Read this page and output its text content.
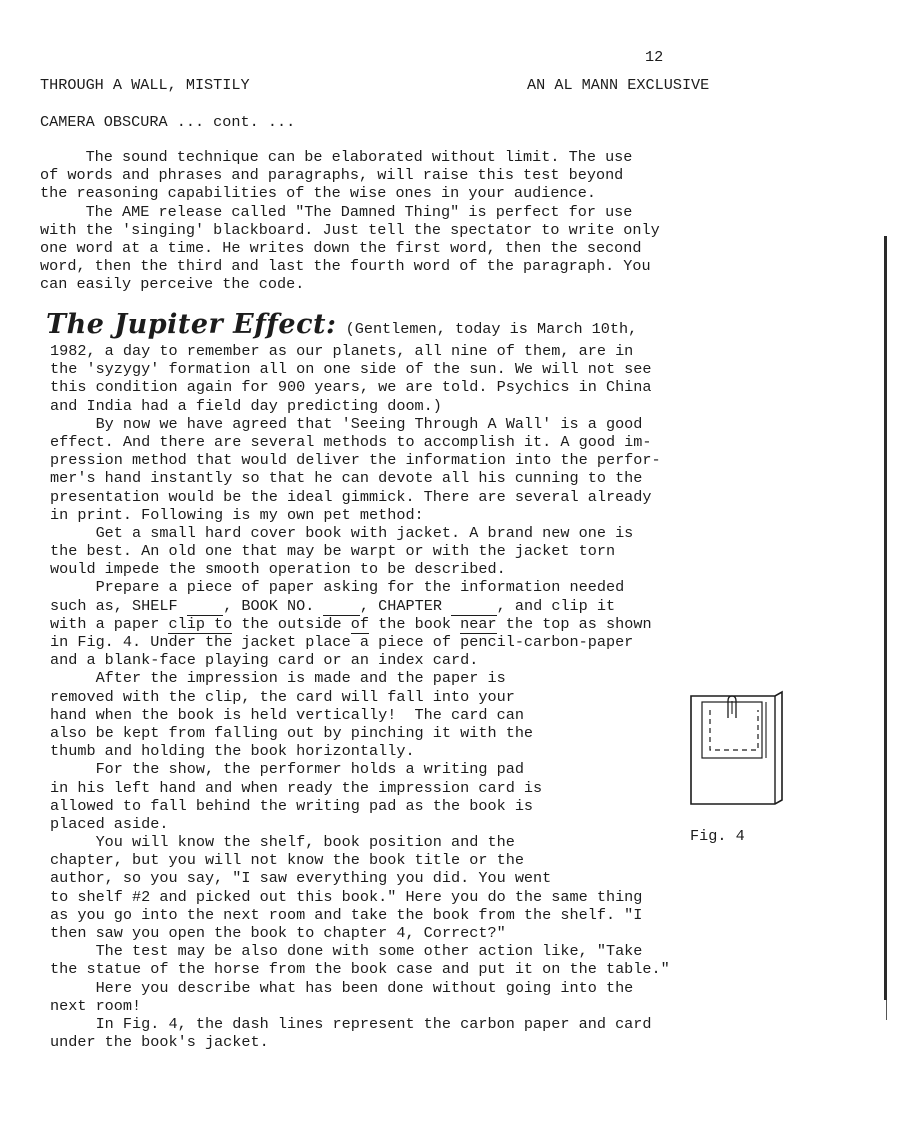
12
THROUGH A WALL, MISTILY	AN AL MANN EXCLUSIVE
CAMERA OBSCURA ... cont. ...
The sound technique can be elaborated without limit. The use
of words and phrases and paragraphs, will raise this test beyond
the reasoning capabilities of the wise ones in your audience.
The AME release called "The Damned Thing" is perfect for use
with the 'singing' blackboard. Just tell the spectator to write only
one word at a time. He writes down the first word, then the second
word, then the third and last the fourth word of the paragraph. You
can easily perceive the code.
The Jupiter Effect: (Gentlemen, today is March 10th,
1982, a day to remember as our planets, all nine of them, are in
the 'syzygy' formation all on one side of the sun. We will not see
this condition again for 900 years, we are told. Psychics in China
and India had a field day predicting doom.)
By now we have agreed that 'Seeing Through A Wall' is a good
effect. And there are several methods to accomplish it. A good im-
pression method that would deliver the information into the perfor-
mer's hand instantly so that he can devote all his cunning to the
presentation would be the ideal gimmick. There are several already
in print. Following is my own pet method:
Get a small hard cover book with jacket. A brand new one is
the best. An old one that may be warpt or with the jacket torn
would impede the smooth operation to be described.
Prepare a piece of paper asking for the information needed
such as, SHELF     , BOOK NO.     , CHAPTER	, and clip it
with a paper clip to the outside of the book near the top as shown
in Fig. 4. Under the jacket place a piece of pencil-carbon-paper
and a blank-face playing card or an index card.
After the impression is made and the paper is
removed with the clip, the card will fall into your
hand when the book is held vertically!  The card can
also be kept from falling out by pinching it with the
thumb and holding the book horizontally.
For the show, the performer holds a writing pad
in his left hand and when ready the impression card is
allowed to fall behind the writing pad as the book is
placed aside.
You will know the shelf, book position and the
chapter, but you will not know the book title or the
author, so you say, "I saw everything you did. You went
to shelf #2 and picked out this book." Here you do the same thing
as you go into the next room and take the book from the shelf. "I
then saw you open the book to chapter 4, Correct?"
The test may be also done with some other action like, "Take
the statue of the horse from the book case and put it on the table."
Here you describe what has been done without going into the
next room!
In Fig. 4, the dash lines represent the carbon paper and card
under the book's jacket.
Fig. 4
